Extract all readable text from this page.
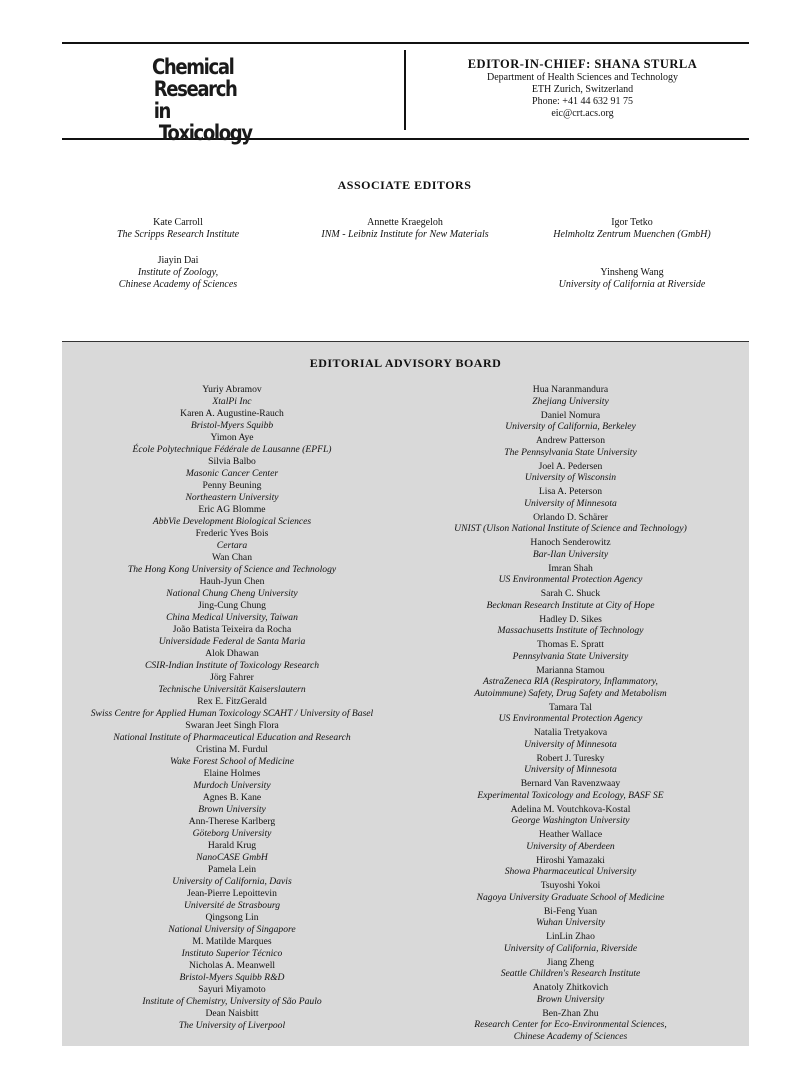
Chemical
Research in
Toxicology
EDITOR-IN-CHIEF: SHANA STURLA
Department of Health Sciences and Technology
ETH Zurich, Switzerland
Phone: +41 44 632 91 75
eic@crt.acs.org
ASSOCIATE EDITORS
Kate Carroll
The Scripps Research Institute
Annette Kraegeloh
INM - Leibniz Institute for New Materials
Igor Tetko
Helmholtz Zentrum Muenchen (GmbH)
Jiayin Dai
Institute of Zoology,
Chinese Academy of Sciences
Yinsheng Wang
University of California at Riverside
EDITORIAL ADVISORY BOARD
Yuriy Abramov
XtalPi Inc
Karen A. Augustine-Rauch
Bristol-Myers Squibb
Yimon Aye
École Polytechnique Fédérale de Lausanne (EPFL)
Silvia Balbo
Masonic Cancer Center
Penny Beuning
Northeastern University
Eric AG Blomme
AbbVie Development Biological Sciences
Frederic Yves Bois
Certara
Wan Chan
The Hong Kong University of Science and Technology
Hauh-Jyun Chen
National Chung Cheng University
Jing-Cung Chung
China Medical University, Taiwan
João Batista Teixeira da Rocha
Universidade Federal de Santa Maria
Alok Dhawan
CSIR-Indian Institute of Toxicology Research
Jörg Fahrer
Technische Universität Kaiserslautern
Rex E. FitzGerald
Swiss Centre for Applied Human Toxicology SCAHT / University of Basel
Swaran Jeet Singh Flora
National Institute of Pharmaceutical Education and Research
Cristina M. Furdul
Wake Forest School of Medicine
Elaine Holmes
Murdoch University
Agnes B. Kane
Brown University
Ann-Therese Karlberg
Göteborg University
Harald Krug
NanoCASE GmbH
Pamela Lein
University of California, Davis
Jean-Pierre Lepoittevin
Université de Strasbourg
Qingsong Lin
National University of Singapore
M. Matilde Marques
Instituto Superior Técnico
Nicholas A. Meanwell
Bristol-Myers Squibb R&D
Sayuri Miyamoto
Institute of Chemistry, University of São Paulo
Dean Naisbitt
The University of Liverpool
Hua Naranmandura
Zhejiang University
Daniel Nomura
University of California, Berkeley
Andrew Patterson
The Pennsylvania State University
Joel A. Pedersen
University of Wisconsin
Lisa A. Peterson
University of Minnesota
Orlando D. Schärer
UNIST (Ulson National Institute of Science and Technology)
Hanoch Senderowitz
Bar-Ilan University
Imran Shah
US Environmental Protection Agency
Sarah C. Shuck
Beckman Research Institute at City of Hope
Hadley D. Sikes
Massachusetts Institute of Technology
Thomas E. Spratt
Pennsylvania State University
Marianna Stamou
AstraZeneca RIA (Respiratory, Inflammatory,
Autoimmune) Safety, Drug Safety and Metabolism
Tamara Tal
US Environmental Protection Agency
Natalia Tretyakova
University of Minnesota
Robert J. Turesky
University of Minnesota
Bernard Van Ravenzwaay
Experimental Toxicology and Ecology, BASF SE
Adelina M. Voutchkova-Kostal
George Washington University
Heather Wallace
University of Aberdeen
Hiroshi Yamazaki
Showa Pharmaceutical University
Tsuyoshi Yokoi
Nagoya University Graduate School of Medicine
Bi-Feng Yuan
Wuhan University
LinLin Zhao
University of California, Riverside
Jiang Zheng
Seattle Children's Research Institute
Anatoly Zhitkovich
Brown University
Ben-Zhan Zhu
Research Center for Eco-Environmental Sciences,
Chinese Academy of Sciences
